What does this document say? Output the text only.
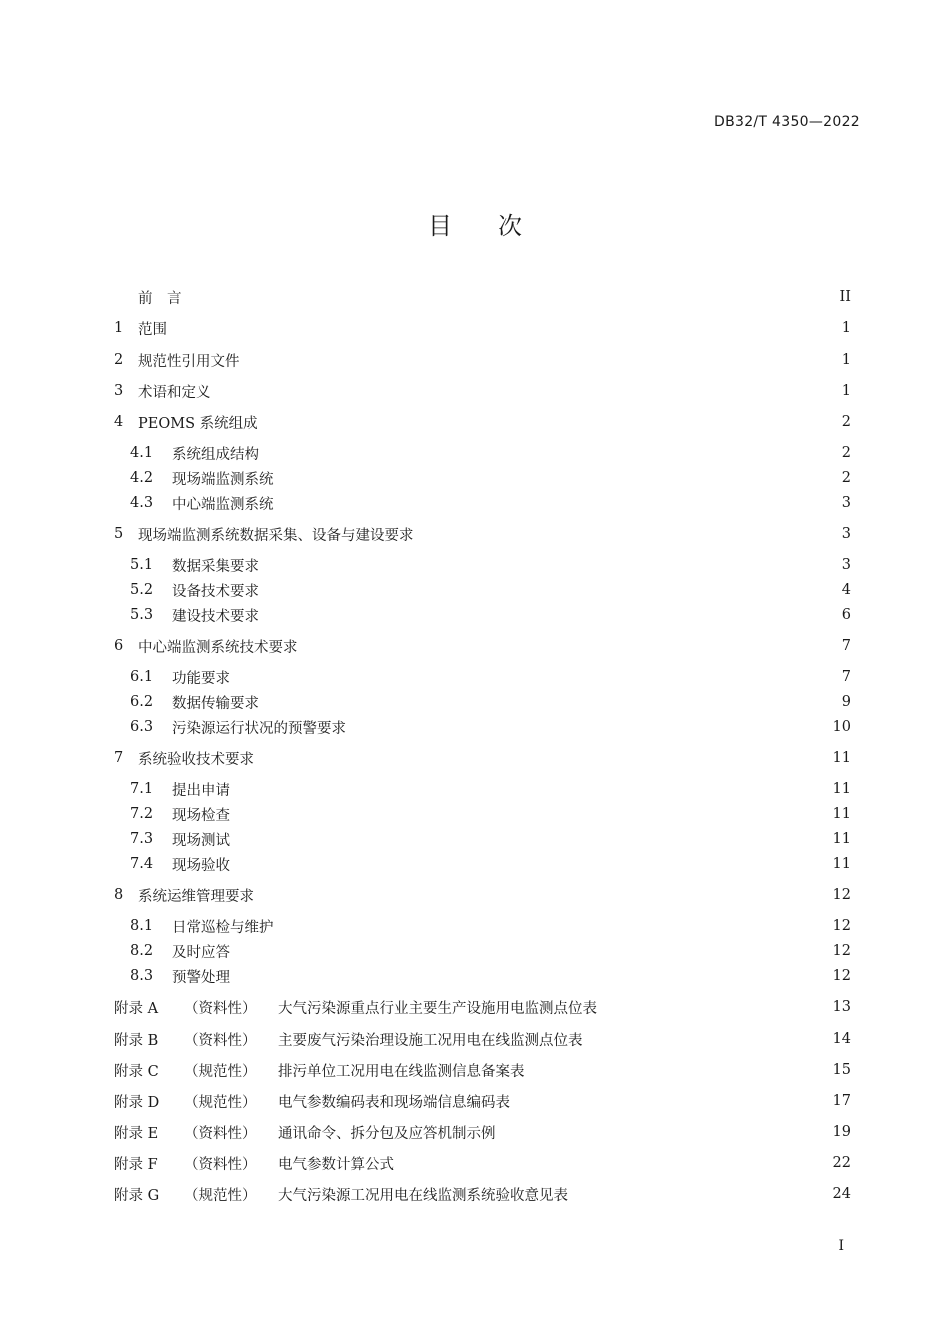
DB32/T 4350—2022
目次
前　言	II
1	范围	1
2	规范性引用文件	1
3	术语和定义	1
4	PEOMS 系统组成	2
4.1	系统组成结构	2
4.2	现场端监测系统	2
4.3	中心端监测系统	3
5	现场端监测系统数据采集、设备与建设要求	3
5.1	数据采集要求	3
5.2	设备技术要求	4
5.3	建设技术要求	6
6	中心端监测系统技术要求	7
6.1	功能要求	7
6.2	数据传输要求	9
6.3	污染源运行状况的预警要求	10
7	系统验收技术要求	11
7.1	提出申请	11
7.2	现场检查	11
7.3	现场测试	11
7.4	现场验收	11
8	系统运维管理要求	12
8.1	日常巡检与维护	12
8.2	及时应答	12
8.3	预警处理	12
附录 A	（资料性）	大气污染源重点行业主要生产设施用电监测点位表	13
附录 B	（资料性）	主要废气污染治理设施工况用电在线监测点位表	14
附录 C	（规范性）	排污单位工况用电在线监测信息备案表	15
附录 D	（规范性）	电气参数编码表和现场端信息编码表	17
附录 E	（资料性）	通讯命令、拆分包及应答机制示例	19
附录 F	（资料性）	电气参数计算公式	22
附录 G	（规范性）	大气污染源工况用电在线监测系统验收意见表	24
I
